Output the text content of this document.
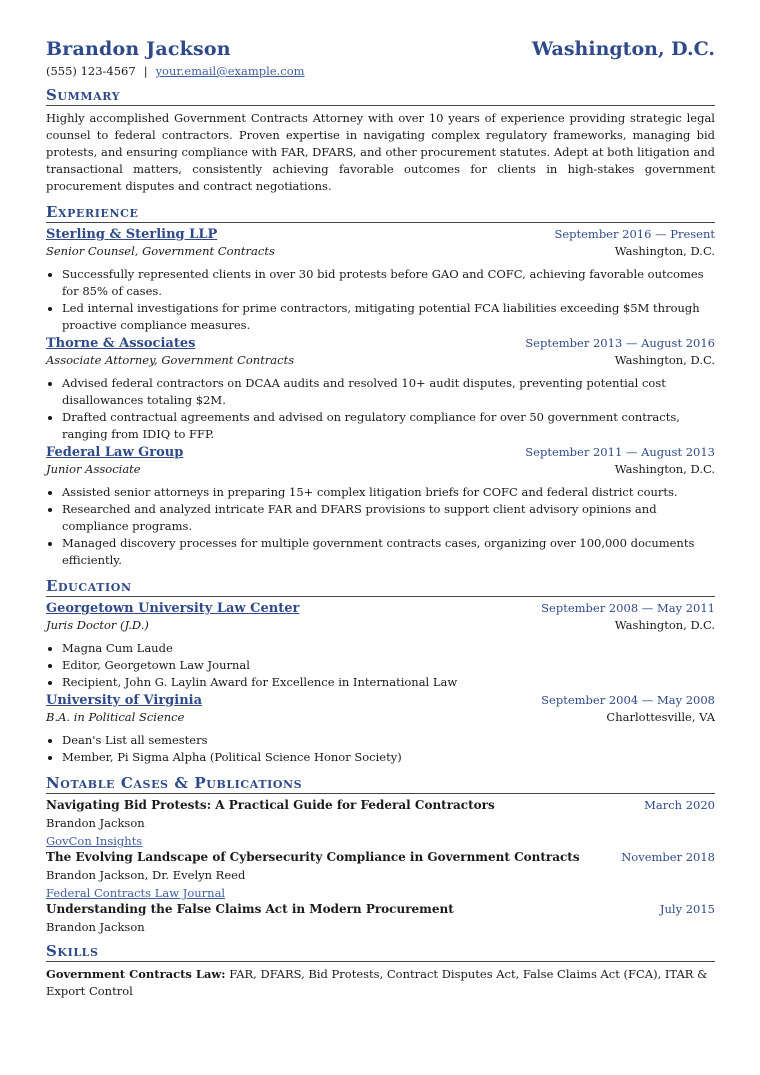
Brandon Jackson	Washington, D.C.
(555) 123-4567 | your.email@example.com
Summary
Highly accomplished Government Contracts Attorney with over 10 years of experience providing strategic legal counsel to federal contractors. Proven expertise in navigating complex regulatory frameworks, managing bid protests, and ensuring compliance with FAR, DFARS, and other procurement statutes. Adept at both litigation and transactional matters, consistently achieving favorable outcomes for clients in high-stakes government procurement disputes and contract negotiations.
Experience
Sterling & Sterling LLP	September 2016 — Present
Senior Counsel, Government Contracts	Washington, D.C.
• Successfully represented clients in over 30 bid protests before GAO and COFC, achieving favorable outcomes for 85% of cases.
• Led internal investigations for prime contractors, mitigating potential FCA liabilities exceeding $5M through proactive compliance measures.
Thorne & Associates	September 2013 — August 2016
Associate Attorney, Government Contracts	Washington, D.C.
• Advised federal contractors on DCAA audits and resolved 10+ audit disputes, preventing potential cost disallowances totaling $2M.
• Drafted contractual agreements and advised on regulatory compliance for over 50 government contracts, ranging from IDIQ to FFP.
Federal Law Group	September 2011 — August 2013
Junior Associate	Washington, D.C.
• Assisted senior attorneys in preparing 15+ complex litigation briefs for COFC and federal district courts.
• Researched and analyzed intricate FAR and DFARS provisions to support client advisory opinions and compliance programs.
• Managed discovery processes for multiple government contracts cases, organizing over 100,000 documents efficiently.
Education
Georgetown University Law Center	September 2008 — May 2011
Juris Doctor (J.D.)	Washington, D.C.
• Magna Cum Laude
• Editor, Georgetown Law Journal
• Recipient, John G. Laylin Award for Excellence in International Law
University of Virginia	September 2004 — May 2008
B.A. in Political Science	Charlottesville, VA
• Dean's List all semesters
• Member, Pi Sigma Alpha (Political Science Honor Society)
Notable Cases & Publications
Navigating Bid Protests: A Practical Guide for Federal Contractors	March 2020
Brandon Jackson
GovCon Insights
The Evolving Landscape of Cybersecurity Compliance in Government Contracts	November 2018
Brandon Jackson, Dr. Evelyn Reed
Federal Contracts Law Journal
Understanding the False Claims Act in Modern Procurement	July 2015
Brandon Jackson
Skills
Government Contracts Law: FAR, DFARS, Bid Protests, Contract Disputes Act, False Claims Act (FCA), ITAR & Export Control
